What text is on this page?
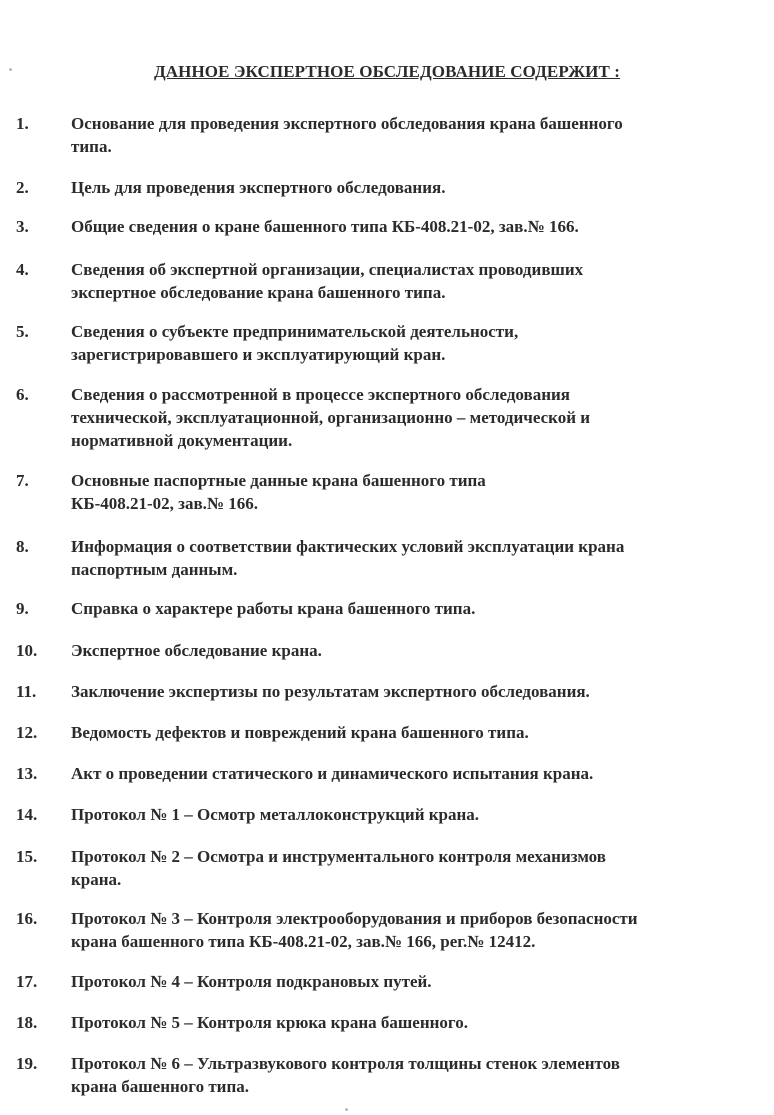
ДАННОЕ ЭКСПЕРТНОЕ ОБСЛЕДОВАНИЕ СОДЕРЖИТ :
1.	Основание для проведения экспертного обследования крана башенного
типа.
2.	Цель для проведения экспертного обследования.
3.	Общие сведения о кране башенного типа КБ-408.21-02, зав.№ 166.
4.	Сведения об экспертной организации, специалистах проводивших
экспертное обследование крана башенного типа.
5.	Сведения о субъекте предпринимательской деятельности,
зарегистрировавшего и эксплуатирующий кран.
6.	Сведения о рассмотренной в процессе экспертного обследования
технической, эксплуатационной, организационно – методической и
нормативной документации.
7.	Основные паспортные данные крана башенного типа
КБ-408.21-02, зав.№ 166.
8.	Информация о соответствии фактических условий эксплуатации крана
паспортным данным.
9.	Справка о характере работы крана башенного типа.
10.	Экспертное обследование крана.
11.	Заключение экспертизы по результатам экспертного обследования.
12.	Ведомость дефектов и повреждений крана башенного типа.
13.	Акт о проведении статического и динамического испытания крана.
14.	Протокол № 1 – Осмотр металлоконструкций крана.
15.	Протокол № 2 – Осмотра и инструментального контроля механизмов
крана.
16.	Протокол № 3 – Контроля электрооборудования и приборов безопасности
крана башенного типа КБ-408.21-02, зав.№ 166, рег.№ 12412.
17.	Протокол № 4 – Контроля подкрановых путей.
18.	Протокол № 5 – Контроля крюка крана башенного.
19.	Протокол № 6 – Ультразвукового контроля толщины стенок элементов
крана башенного типа.
